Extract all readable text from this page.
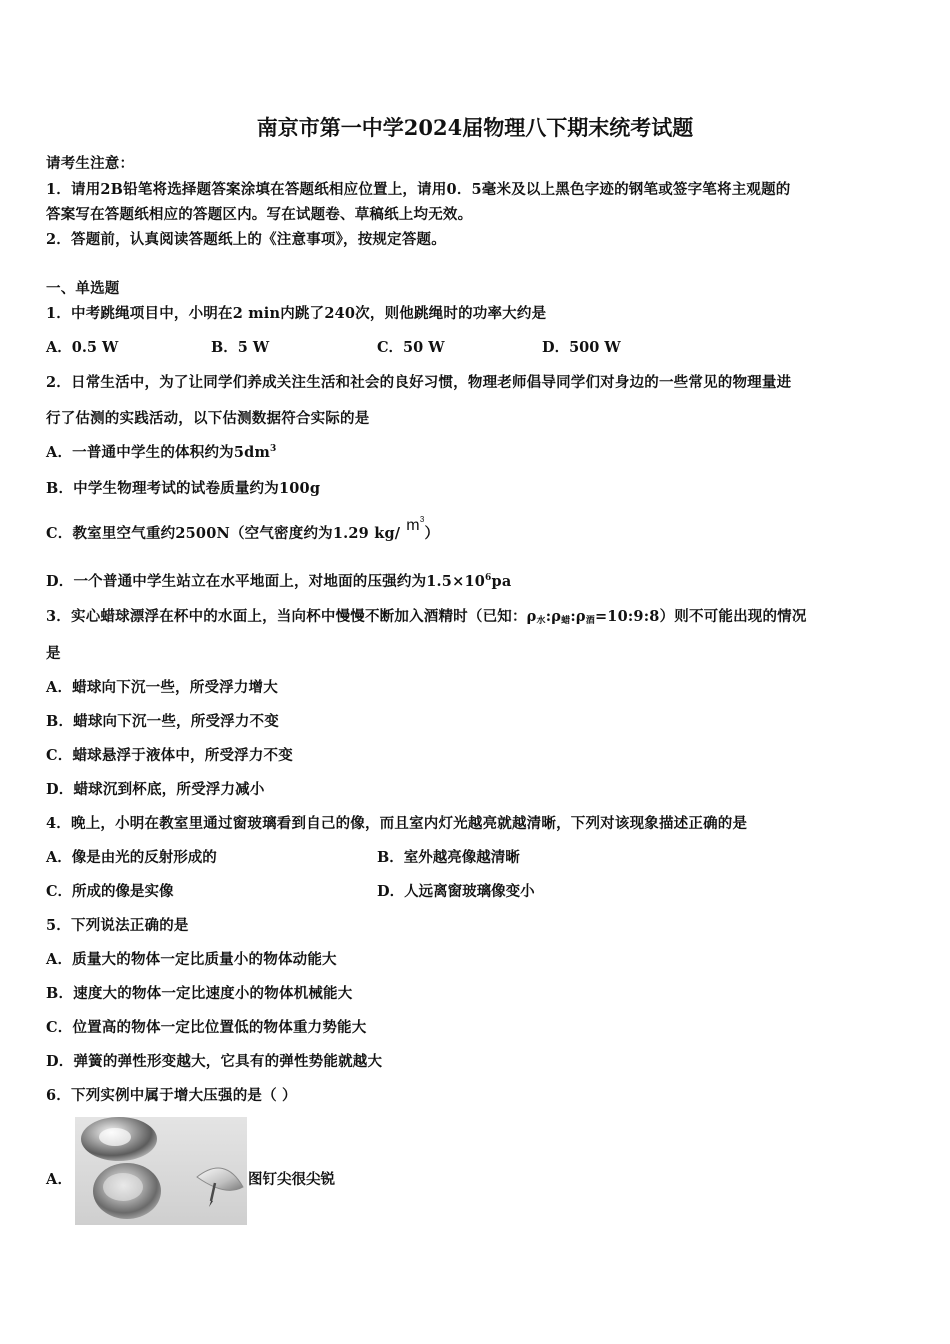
南京市第一中学2024届物理八下期末统考试题
请考生注意：
1．请用2B铅笔将选择题答案涂填在答题纸相应位置上，请用0．5毫米及以上黑色字迹的钢笔或签字笔将主观题的
答案写在答题纸相应的答题区内。写在试题卷、草稿纸上均无效。
2．答题前，认真阅读答题纸上的《注意事项》，按规定答题。
一、单选题
1．中考跳绳项目中，小明在2 min内跳了240次，则他跳绳时的功率大约是
A．0.5 W	B．5 W	C．50 W	D．500 W
2．日常生活中，为了让同学们养成关注生活和社会的良好习惯，物理老师倡导同学们对身边的一些常见的物理量进
行了估测的实践活动，以下估测数据符合实际的是
A．一普通中学生的体积约为$5dm^3$
B．中学生物理考试的试卷质量约为100g
C．教室里空气重约2500N（空气密度约为1.29 kg/ $m^3$）
D．一个普通中学生站立在水平地面上，对地面的压强约为$1.5\times 10^6pa$
3．实心蜡球漂浮在杯中的水面上，当向杯中慢慢不断加入酒精时（已知：ρ水:ρ蜡:ρ酒=10:9:8）则不可能出现的情况
是
A．蜡球向下沉一些，所受浮力增大
B．蜡球向下沉一些，所受浮力不变
C．蜡球悬浮于液体中，所受浮力不变
D．蜡球沉到杯底，所受浮力减小
4．晚上，小明在教室里通过窗玻璃看到自己的像，而且室内灯光越亮就越清晰，下列对该现象描述正确的是
A．像是由光的反射形成的	B．室外越亮像越清晰
C．所成的像是实像	D．人远离窗玻璃像变小
5．下列说法正确的是
A．质量大的物体一定比质量小的物体动能大
B．速度大的物体一定比速度小的物体机械能大
C．位置高的物体一定比位置低的物体重力势能大
D．弹簧的弹性形变越大，它具有的弹性势能就越大
6．下列实例中属于增大压强的是（ ）
A．	图钉尖很尖锐
